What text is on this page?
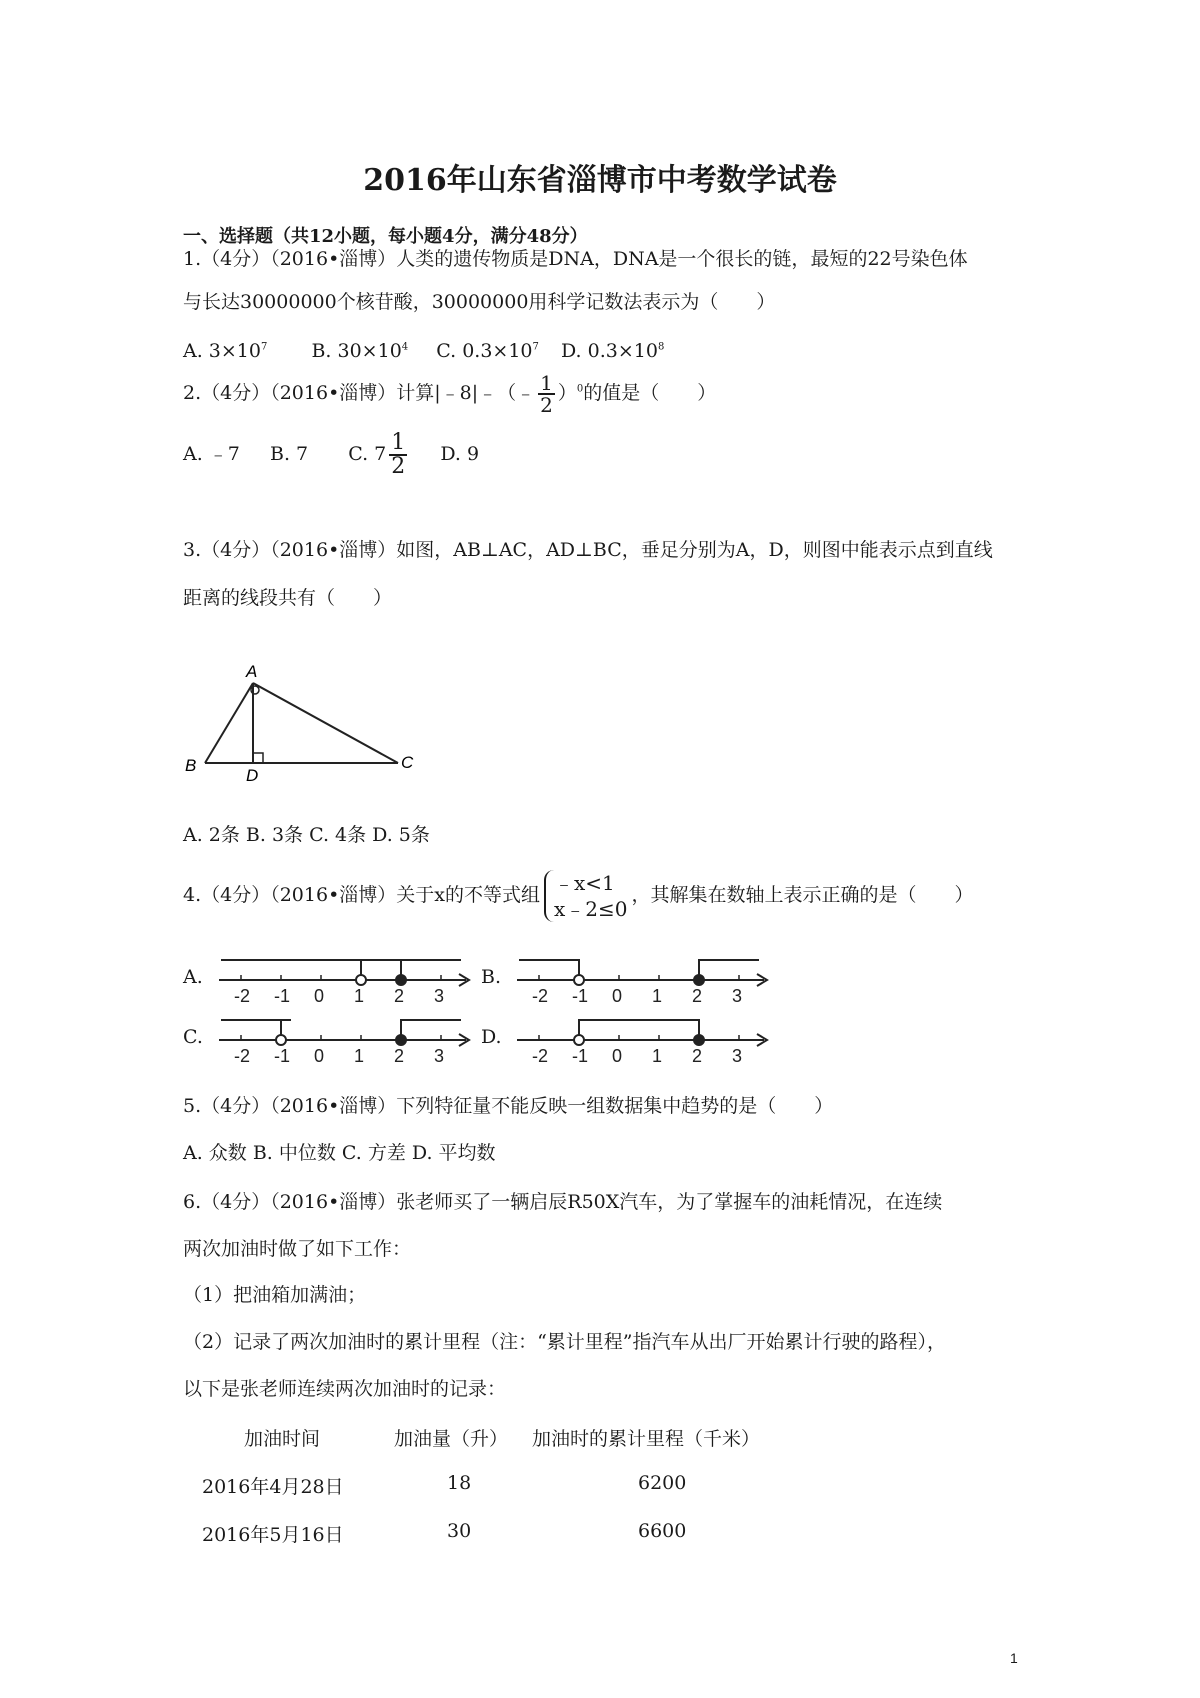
2016年山东省淄博市中考数学试卷
一、选择题（共12小题，每小题4分，满分48分）
1.（4分）（2016•淄博）人类的遗传物质是DNA，DNA是一个很长的链，最短的22号染色体
与长达30000000个核苷酸，30000000用科学记数法表示为（　　）
A. $3\times 10^7$ B. $30\times 10^4$ C. $0.3\times 10^7$ D. $0.3\times 10^8$
2.（4分）（2016•淄博）计算|﹣8|﹣（﹣ $\frac{1}{2} )^0$的值是（　　）
A. ﹣7 B. 7 C. $7 \frac{1}{2} D$. 9
3.（4分）（2016•淄博）如图，AB⊥AC，AD⊥BC，垂足分别为A，D，则图中能表示点到直线
距离的线段共有（　　）
A
B	C
D
A. 2条 B. 3条 C. 4条 D. 5条
4.（4分）（2016•淄博）关于x的不等式组 ﹣x<1
x﹣2≤0
，其解集在数轴上表示正确的是（　　）
A.
-2 -1 0 1 2 3
B.
-2 -1 0 1 2 3
C.
-2 -1 0 1 2 3
D.
-2 -1 0 1 2 3
5.（4分）（2016•淄博）下列特征量不能反映一组数据集中趋势的是（　　）
A. 众数 B. 中位数 C. 方差 D. 平均数
6.（4分）（2016•淄博）张老师买了一辆启辰R50X汽车，为了掌握车的油耗情况，在连续
两次加油时做了如下工作：
（1）把油箱加满油；
（2）记录了两次加油时的累计里程（注：“累计里程”指汽车从出厂开始累计行驶的路程），
以下是张老师连续两次加油时的记录：
加油时间	加油量（升） 加油时的累计里程（千米）
2016年4月28日	18	6200
2016年5月16日	30	6600
1
